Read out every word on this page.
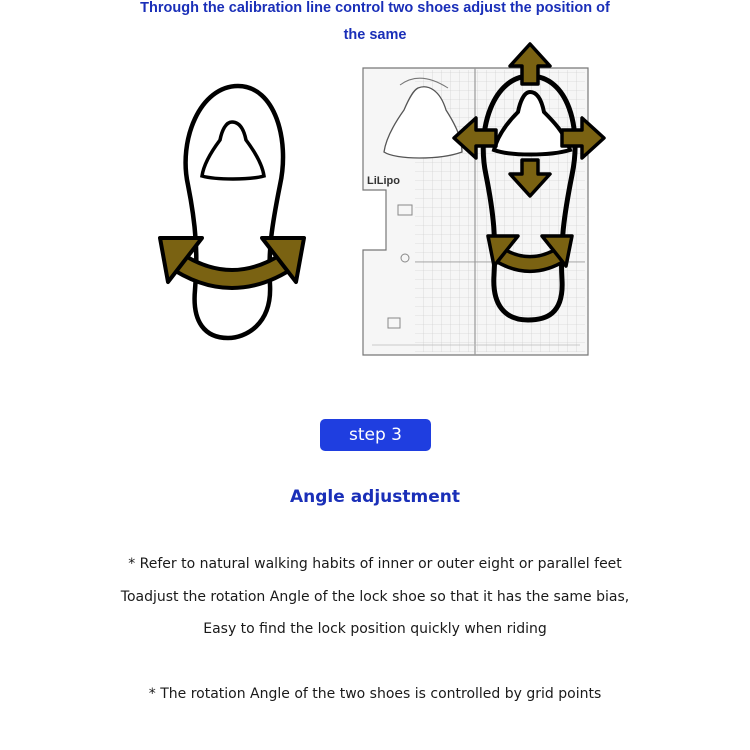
Through the calibration line control two shoes adjust the position of
the same
LiLipo
step 3
Angle adjustment
* Refer to natural walking habits of inner or outer eight or parallel feet
Toadjust the rotation Angle of the lock shoe so that it has the same bias,
Easy to find the lock position quickly when riding
* The rotation Angle of the two shoes is controlled by grid points
